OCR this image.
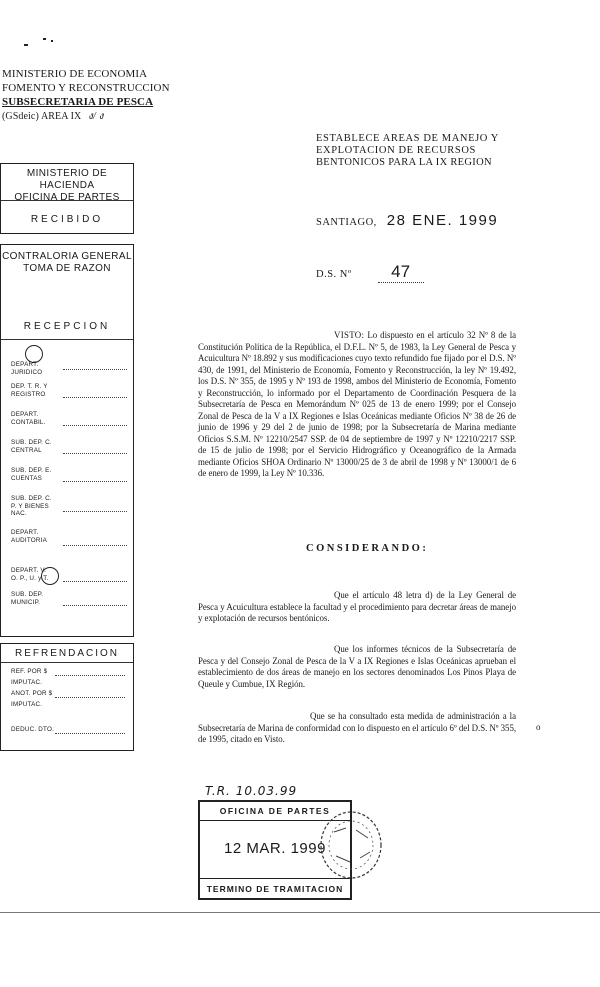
MINISTERIO DE ECONOMIA
FOMENTO Y RECONSTRUCCION
SUBSECRETARIA DE PESCA
(GSdeic) AREA IX ง/ ง
ESTABLECE AREAS DE MANEJO Y
EXPLOTACION DE RECURSOS
BENTONICOS PARA LA IX REGION
SANTIAGO, 28 ENE. 1999
D.S. Nº 47
MINISTERIO DE HACIENDA
OFICINA DE PARTES
RECIBIDO
CONTRALORIA GENERAL
TOMA DE RAZON
RECEPCION
DEPART. JURIDICO
DEP. T. R. Y REGISTRO
DEPART. CONTABIL.
SUB. DEP. C. CENTRAL
SUB. DEP. E. CUENTAS
SUB. DEP. C. P. Y BIENES NAC.
DEPART. AUDITORIA
DEPART. V. O. P., U. y T.
SUB. DEP. MUNICIP.
REFRENDACION
REF. POR $
IMPUTAC.
ANOT. POR $
IMPUTAC.
DEDUC. DTO.

VISTO: Lo dispuesto en el artículo 32 Nº 8 de la Constitución Política de la República, el D.F.L. Nº 5, de 1983, la Ley General de Pesca y Acuicultura Nº 18.892 y sus modificaciones cuyo texto refundido fue fijado por el D.S. Nº 430, de 1991, del Ministerio de Economía, Fomento y Reconstrucción, la ley Nº 19.492, los D.S. Nº 355, de 1995 y Nº 193 de 1998, ambos del Ministerio de Economía, Fomento y Reconstrucción, lo informado por el Departamento de Coordinación Pesquera de la Subsecretaría de Pesca en Memorándum Nº 025 de 13 de enero 1999; por el Consejo Zonal de Pesca de la V a IX Regiones e Islas Oceánicas mediante Oficios Nº 38 de 26 de junio de 1996 y 29 del 2 de junio de 1998; por la Subsecretaría de Marina mediante Oficios S.S.M. Nº 12210/2547 SSP. de 04 de septiembre de 1997 y Nº 12210/2217 SSP. de 15 de julio de 1998; por el Servicio Hidrográfico y Oceanográfico de la Armada mediante Oficios SHOA Ordinario Nº 13000/25 de 3 de abril de 1998 y Nº 13000/1 de 6 de enero de 1999, la Ley Nº 10.336.

CONSIDERANDO:

Que el artículo 48 letra d) de la Ley General de Pesca y Acuicultura establece la facultad y el procedimiento para decretar áreas de manejo y explotación de recursos bentónicos.

Que los informes técnicos de la Subsecretaría de Pesca y del Consejo Zonal de Pesca de la V a IX Regiones e Islas Oceánicas aprueban el establecimiento de dos áreas de manejo en los sectores denominados Los Pinos Playa de Queule y Cumbue, IX Región.

Que se ha consultado esta medida de administración a la Subsecretaría de Marina de conformidad con lo dispuesto en el artículo 6º del D.S. Nº 355, de 1995, citado en Visto.

o
T.R. 10.03.99
OFICINA DE PARTES
12 MAR. 1999
TERMINO DE TRAMITACION
